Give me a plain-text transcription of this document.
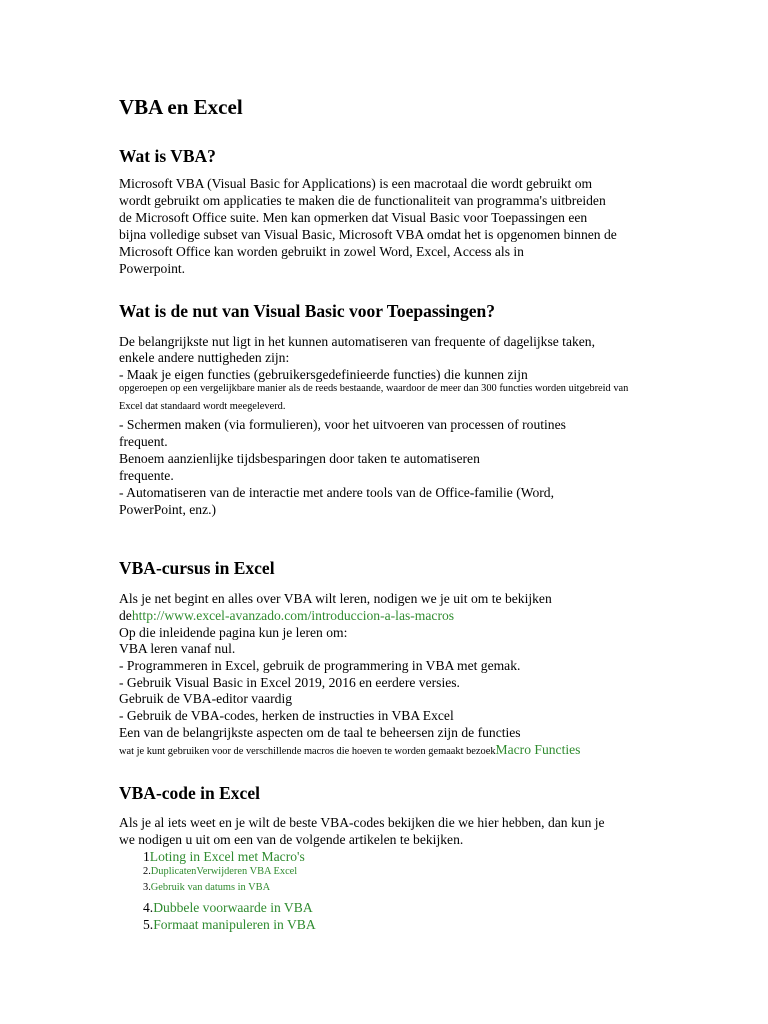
VBA en Excel
Wat is VBA?
Microsoft VBA (Visual Basic for Applications) is een macrotaal die wordt gebruikt om
wordt gebruikt om applicaties te maken die de functionaliteit van programma's uitbreiden
de Microsoft Office suite. Men kan opmerken dat Visual Basic voor Toepassingen een
bijna volledige subset van Visual Basic, Microsoft VBA omdat het is opgenomen binnen de
Microsoft Office kan worden gebruikt in zowel Word, Excel, Access als in
Powerpoint.
Wat is de nut van Visual Basic voor Toepassingen?
De belangrijkste nut ligt in het kunnen automatiseren van frequente of dagelijkse taken,
enkele andere nuttigheden zijn:
- Maak je eigen functies (gebruikersgedefinieerde functies) die kunnen zijn
opgeroepen op een vergelijkbare manier als de reeds bestaande, waardoor de meer dan 300 functies worden uitgebreid van
Excel dat standaard wordt meegeleverd.
- Schermen maken (via formulieren), voor het uitvoeren van processen of routines
frequent.
Benoem aanzienlijke tijdsbesparingen door taken te automatiseren
frequente.
- Automatiseren van de interactie met andere tools van de Office-familie (Word,
PowerPoint, enz.)
VBA-cursus in Excel
Als je net begint en alles over VBA wilt leren, nodigen we je uit om te bekijken
dehttp://www.excel-avanzado.com/introduccion-a-las-macros
Op die inleidende pagina kun je leren om:
VBA leren vanaf nul.
- Programmeren in Excel, gebruik de programmering in VBA met gemak.
- Gebruik Visual Basic in Excel 2019, 2016 en eerdere versies.
Gebruik de VBA-editor vaardig
- Gebruik de VBA-codes, herken de instructies in VBA Excel
Een van de belangrijkste aspecten om de taal te beheersen zijn de functies
wat je kunt gebruiken voor de verschillende macros die hoeven te worden gemaakt bezoekMacro Functies
VBA-code in Excel
Als je al iets weet en je wilt de beste VBA-codes bekijken die we hier hebben, dan kun je
we nodigen u uit om een van de volgende artikelen te bekijken.
1Loting in Excel met Macro's
2.DuplicatenVerwijderen VBA Excel
3.Gebruik van datums in VBA
4.Dubbele voorwaarde in VBA
5.Formaat manipuleren in VBA
